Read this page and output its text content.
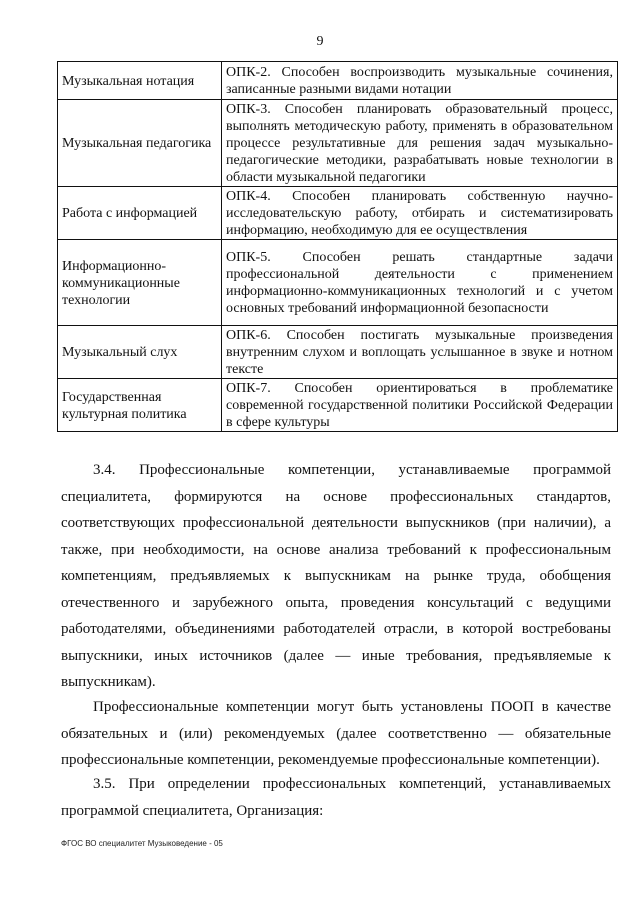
9
Музыкальная нотация	ОПК-2. Способен воспроизводить музыкальные сочинения, записанные разными видами нотации
Музыкальная педагогика	ОПК-3. Способен планировать образовательный процесс, выполнять методическую работу, применять в образовательном процессе результативные для решения задач музыкально-педагогические методики, разрабатывать новые технологии в области музыкальной педагогики
Работа с информацией	ОПК-4. Способен планировать собственную научно-исследовательскую работу, отбирать и систематизировать информацию, необходимую для ее осуществления
Информационно-коммуникационные технологии	ОПК-5. Способен решать стандартные задачи профессиональной деятельности с применением информационно-коммуникационных технологий и с учетом основных требований информационной безопасности
Музыкальный слух	ОПК-6. Способен постигать музыкальные произведения внутренним слухом и воплощать услышанное в звуке и нотном тексте
Государственная культурная политика	ОПК-7. Способен ориентироваться в проблематике современной государственной политики Российской Федерации в сфере культуры

3.4. Профессиональные компетенции, устанавливаемые программой специалитета, формируются на основе профессиональных стандартов, соответствующих профессиональной деятельности выпускников (при наличии), а также, при необходимости, на основе анализа требований к профессиональным компетенциям, предъявляемых к выпускникам на рынке труда, обобщения отечественного и зарубежного опыта, проведения консультаций с ведущими работодателями, объединениями работодателей отрасли, в которой востребованы выпускники, иных источников (далее — иные требования, предъявляемые к выпускникам).

Профессиональные компетенции могут быть установлены ПООП в качестве обязательных и (или) рекомендуемых (далее соответственно — обязательные профессиональные компетенции, рекомендуемые профессиональные компетенции).

3.5. При определении профессиональных компетенций, устанавливаемых программой специалитета, Организация:

ФГОС ВО специалитет Музыковедение - 05
